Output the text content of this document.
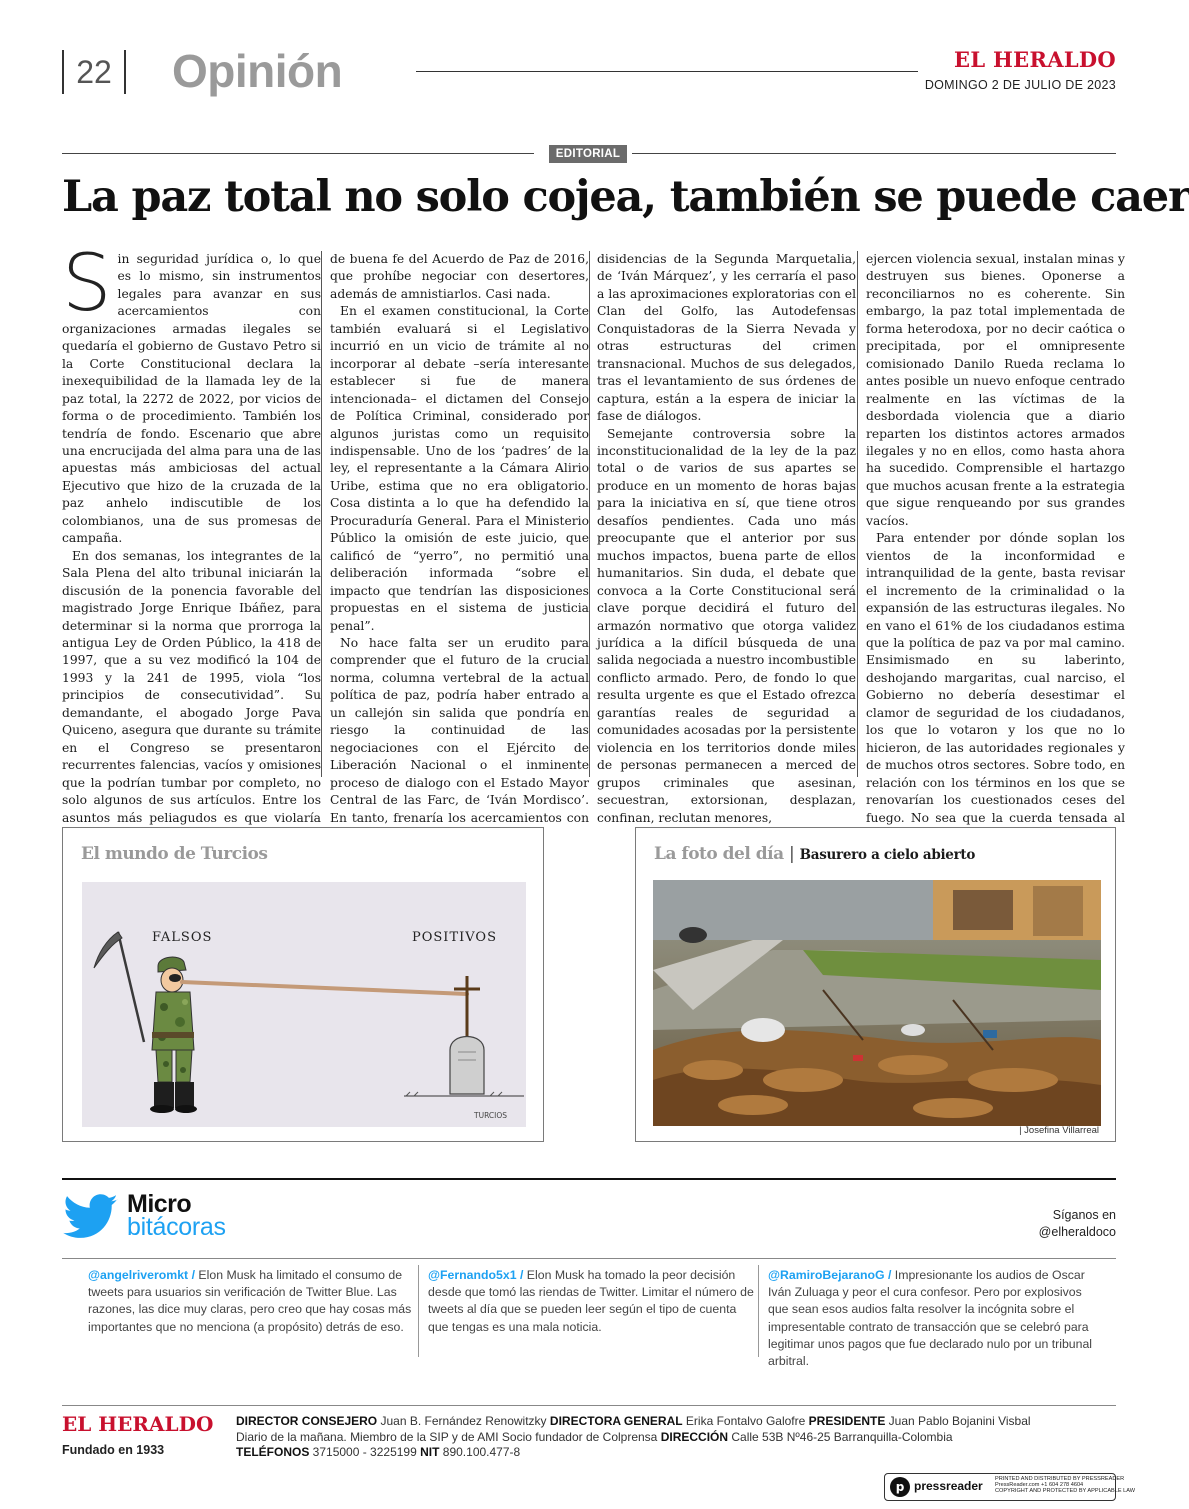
22	Opinión	EL HERALDO
DOMINGO 2 DE JULIO DE 2023
EDITORIAL
La paz total no solo cojea, también se puede caer
S in seguridad jurídica o, lo que es lo mismo, sin instrumentos legales para avanzar en sus acercamientos con organizaciones armadas ilegales se quedaría el gobierno de Gustavo Petro si la Corte Constitucional declara la inexequibilidad de la llamada ley de la paz total, la 2272 de 2022, por vicios de forma o de procedimiento. También los tendría de fondo. Escenario que abre una encrucijada del alma para una de las apuestas más ambiciosas del actual Ejecutivo que hizo de la cruzada de la paz anhelo indiscutible de los colombianos, una de sus promesas de campaña.

En dos semanas, los integrantes de la Sala Plena del alto tribunal iniciarán la discusión de la ponencia favorable del magistrado Jorge Enrique Ibáñez, para determinar si la norma que prorroga la antigua Ley de Orden Público, la 418 de 1997, que a su vez modificó la 104 de 1993 y la 241 de 1995, viola “los principios de consecutividad”. Su demandante, el abogado Jorge Pava Quiceno, asegura que durante su trámite en el Congreso se presentaron recurrentes falencias, vacíos y omisiones que la podrían tumbar por completo, no solo algunos de sus artículos. Entre los asuntos más peliagudos es que violaría

de buena fe del Acuerdo de Paz de 2016, que prohíbe negociar con desertores, además de amnistiarlos. Casi nada.

En el examen constitucional, la Corte también evaluará si el Legislativo incurrió en un vicio de trámite al no incorporar al debate –sería interesante establecer si fue de manera intencionada– el dictamen del Consejo de Política Criminal, considerado por algunos juristas como un requisito indispensable. Uno de los ‘padres’ de la ley, el representante a la Cámara Alirio Uribe, estima que no era obligatorio. Cosa distinta a lo que ha defendido la Procuraduría General. Para el Ministerio Público la omisión de este juicio, que calificó de “yerro”, no permitió una deliberación informada “sobre el impacto que tendrían las disposiciones propuestas en el sistema de justicia penal”.

No hace falta ser un erudito para comprender que el futuro de la crucial norma, columna vertebral de la actual política de paz, podría haber entrado a un callejón sin salida que pondría en riesgo la continuidad de las negociaciones con el Ejército de Liberación Nacional o el inminente proceso de dialogo con el Estado Mayor Central de las Farc, de ‘Iván Mordisco’. En tanto, frenaría los acercamientos con

disidencias de la Segunda Marquetalia, de ‘Iván Márquez’, y les cerraría el paso a las aproximaciones exploratorias con el Clan del Golfo, las Autodefensas Conquistadoras de la Sierra Nevada y otras estructuras del crimen transnacional. Muchos de sus delegados, tras el levantamiento de sus órdenes de captura, están a la espera de iniciar la fase de diálogos.

Semejante controversia sobre la inconstitucionalidad de la ley de la paz total o de varios de sus apartes se produce en un momento de horas bajas para la iniciativa en sí, que tiene otros desafíos pendientes. Cada uno más preocupante que el anterior por sus muchos impactos, buena parte de ellos humanitarios. Sin duda, el debate que convoca a la Corte Constitucional será clave porque decidirá el futuro del armazón normativo que otorga validez jurídica a la difícil búsqueda de una salida negociada a nuestro incombustible conflicto armado. Pero, de fondo lo que resulta urgente es que el Estado ofrezca garantías reales de seguridad a comunidades acosadas por la persistente violencia en los territorios donde miles de personas permanecen a merced de grupos criminales que asesinan, secuestran, extorsionan, desplazan, confinan, reclutan menores,

ejercen violencia sexual, instalan minas y destruyen sus bienes. Oponerse a reconciliarnos no es coherente. Sin embargo, la paz total implementada de forma heterodoxa, por no decir caótica o precipitada, por el omnipresente comisionado Danilo Rueda reclama lo antes posible un nuevo enfoque centrado realmente en las víctimas de la desbordada violencia que a diario reparten los distintos actores armados ilegales y no en ellos, como hasta ahora ha sucedido. Comprensible el hartazgo que muchos acusan frente a la estrategia que sigue renqueando por sus grandes vacíos.

Para entender por dónde soplan los vientos de la inconformidad e intranquilidad de la gente, basta revisar el incremento de la criminalidad o la expansión de las estructuras ilegales. No en vano el 61% de los ciudadanos estima que la política de paz va por mal camino. Ensimismado en su laberinto, deshojando margaritas, cual narciso, el Gobierno no debería desestimar el clamor de seguridad de los ciudadanos, los que lo votaron y los que no lo hicieron, de las autoridades regionales y de muchos otros sectores. Sobre todo, en relación con los términos en los que se renovarían los cuestionados ceses del fuego. No sea que la cuerda tensada al

El mundo de Turcios
FALSOS	POSITIVOS
TURCIOS
La foto del día | Basurero a cielo abierto
| Josefina Villarreal
Micro
bitácoras	Síganos en
@elheraldoco
@angelriveromkt / Elon Musk ha limitado el consumo de tweets para usuarios sin verificación de Twitter Blue. Las razones, las dice muy claras, pero creo que hay cosas más importantes que no menciona (a propósito) detrás de eso.
@Fernando5x1 / Elon Musk ha tomado la peor decisión desde que tomó las riendas de Twitter. Limitar el número de tweets al día que se pueden leer según el tipo de cuenta que tengas es una mala noticia.
@RamiroBejaranoG / Impresionante los audios de Oscar Iván Zuluaga y peor el cura confesor. Pero por explosivos que sean esos audios falta resolver la incógnita sobre el impresentable contrato de transacción que se celebró para legitimar unos pagos que fue declarado nulo por un tribunal arbitral.
EL HERALDO
Fundado en 1933
DIRECTOR CONSEJERO Juan B. Fernández Renowitzky DIRECTORA GENERAL Erika Fontalvo Galofre PRESIDENTE Juan Pablo Bojanini Visbal
Diario de la mañana. Miembro de la SIP y de AMI Socio fundador de Colprensa DIRECCIÓN Calle 53B Nº46-25 Barranquilla-Colombia
TELÉFONOS 3715000 - 3225199 NIT 890.100.477-8
p pressreader PRINTED AND DISTRIBUTED BY PRESSREADER
PressReader.com +1 604 278 4604
COPYRIGHT AND PROTECTED BY APPLICABLE LAW
